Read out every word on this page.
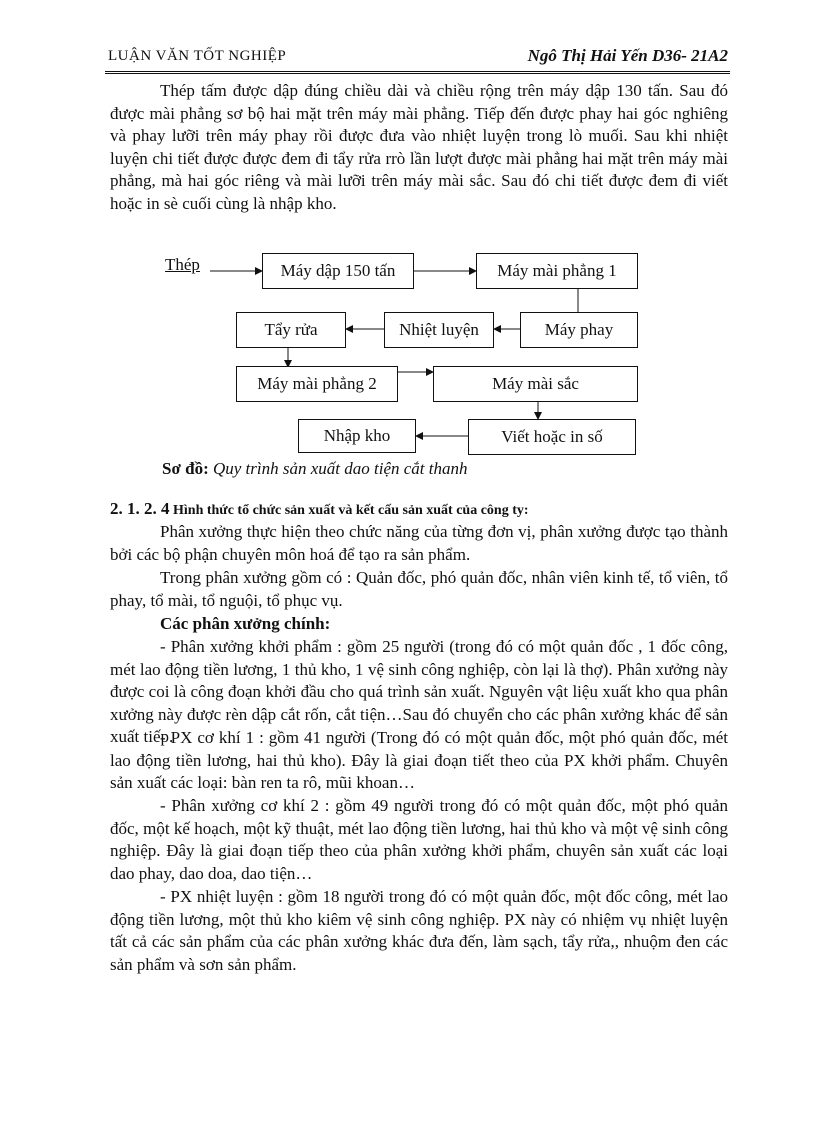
LUẬN VĂN TỐT NGHIỆP	Ngô Thị Hải Yến D36- 21A2

Thép tấm được dập đúng chiều dài và chiều rộng trên máy dập 130 tấn. Sau đó được mài phẳng sơ bộ hai mặt trên máy mài phẳng. Tiếp đến được phay hai góc nghiêng và phay lưỡi trên máy phay rồi được đưa vào nhiệt luyện trong lò muối. Sau khi nhiệt luyện chi tiết được được đem đi tẩy rửa rrò lần lượt được mài phẳng hai mặt trên máy mài phẳng, mà hai góc riêng và mài lưỡi trên máy mài sắc. Sau đó chi tiết được đem đi viết hoặc in sè cuối cùng là nhập kho.

Thép	Máy dập 150 tấn	Máy mài phẳng 1
Máy phay
Nhiệt luyện
Tẩy rửa
Máy mài phẳng 2	Máy mài sắc
Viết hoặc in số
Nhập kho
Sơ đồ: Quy trình sản xuất dao tiện cắt thanh
2. 1. 2. 4 Hình thức tổ chức sản xuất và kết cấu sản xuất của công ty:

Phân xưởng thực hiện theo chức năng của từng đơn vị, phân xưởng được tạo thành bởi các bộ phận chuyên môn hoá để tạo ra sản phẩm.

Trong phân xưởng gồm có : Quản đốc, phó quản đốc, nhân viên kinh tế, tổ viên, tổ phay, tổ mài, tổ nguội, tổ phục vụ.

Các phân xưởng chính:

- Phân xưởng khởi phẩm : gồm 25 người (trong đó có một quản đốc , 1 đốc công, mét lao động tiền lương, 1 thủ kho, 1 vệ sinh công nghiệp, còn lại là thợ). Phân xưởng này được coi là công đoạn khởi đầu cho quá trình sản xuất. Nguyên vật liệu xuất kho qua phân xưởng này được rèn dập cắt rốn, cắt tiện…Sau đó chuyển cho các phân xưởng khác để sản xuất tiếp.

- PX cơ khí 1 : gồm 41 người (Trong đó có một quản đốc, một phó quản đốc, mét lao động tiền lương, hai thủ kho). Đây là giai đoạn tiết theo của PX khởi phẩm. Chuyên sản xuất các loại: bàn ren ta rô, mũi khoan…

- Phân xưởng cơ khí 2 : gồm 49 người trong đó có một quản đốc, một phó quản đốc, một kế hoạch, một kỹ thuật, mét lao động tiền lương, hai thủ kho và một vệ sinh công nghiệp. Đây là giai đoạn tiếp theo của phân xưởng khởi phẩm, chuyên sản xuất các loại dao phay, dao doa, dao tiện…

- PX nhiệt luyện : gồm 18 người trong đó có một quản đốc, một đốc công, mét lao động tiền lương, một thủ kho kiêm vệ sinh công nghiệp. PX này có nhiệm vụ nhiệt luyện tất cả các sản phẩm của các phân xưởng khác đưa đến, làm sạch, tẩy rửa,, nhuộm đen các sản phẩm và sơn sản phẩm.
